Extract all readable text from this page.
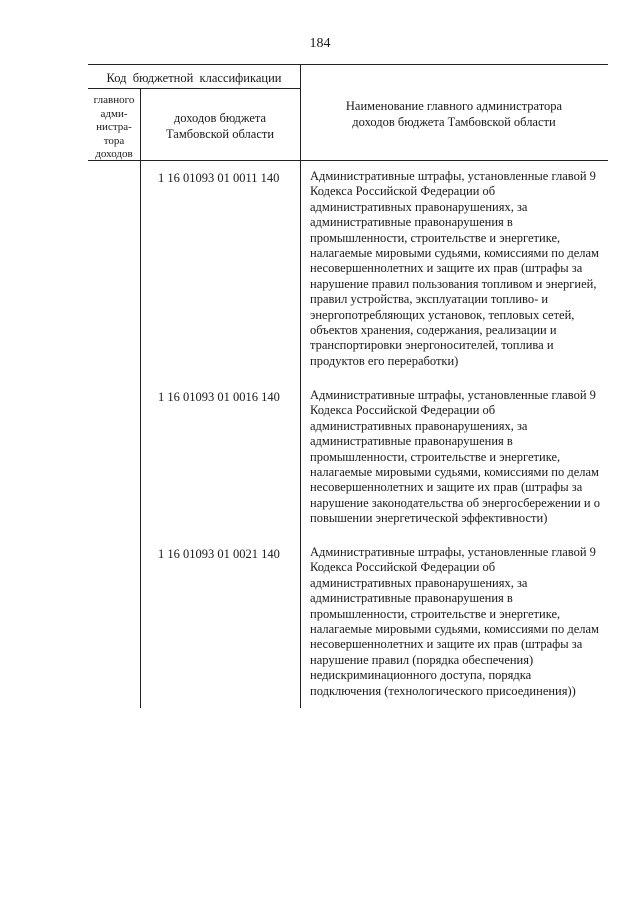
184
Код  бюджетной  классификации
главного
адми-
нистра-
тора
доходов
доходов бюджета
Тамбовской области
Наименование главного администратора
доходов бюджета Тамбовской области
1 16 01093 01 0011 140 Административные штрафы, установленные главой 9 Кодекса Российской Федерации об административных правонарушениях, за административные правонарушения в промышленности, строительстве и энергетике, налагаемые мировыми судьями, комиссиями по делам несовершеннолетних и защите их прав (штрафы за нарушение правил пользования топливом и энергией, правил устройства, эксплуатации топливо- и энергопотребляющих установок, тепловых сетей, объектов хранения, содержания, реализации и транспортировки энергоносителей, топлива и продуктов его переработки)
1 16 01093 01 0016 140 Административные штрафы, установленные главой 9 Кодекса Российской Федерации об административных правонарушениях, за административные правонарушения в промышленности, строительстве и энергетике, налагаемые мировыми судьями, комиссиями по делам несовершеннолетних и защите их прав (штрафы за нарушение законодательства об энергосбережении и о повышении энергетической эффективности)
1 16 01093 01 0021 140 Административные штрафы, установленные главой 9 Кодекса Российской Федерации об административных правонарушениях, за административные правонарушения в промышленности, строительстве и энергетике, налагаемые мировыми судьями, комиссиями по делам несовершеннолетних и защите их прав (штрафы за нарушение правил (порядка обеспечения) недискриминационного доступа, порядка подключения (технологического присоединения))
